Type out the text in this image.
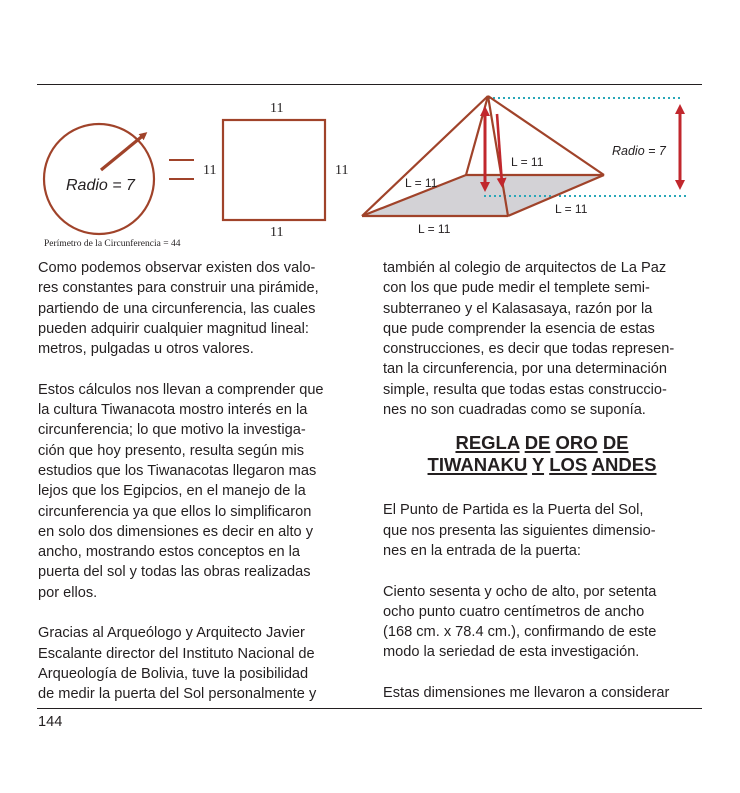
Radio = 7
Perímetro de la Circunferencia = 44
11
11	11
11
Radio = 7
L = 11
L = 11
L = 11
L = 11
Como podemos observar existen dos valo-
res constantes para construir una pirámide,
partiendo de una circunferencia, las cuales
pueden adquirir cualquier magnitud lineal:
metros, pulgadas u otros valores.
Estos cálculos nos llevan a comprender que
la cultura Tiwanacota mostro interés en la
circunferencia; lo que motivo la investiga-
ción que hoy presento, resulta según mis
estudios que los Tiwanacotas llegaron mas
lejos que los Egipcios, en el manejo de la
circunferencia ya que ellos lo simplificaron
en solo dos dimensiones es decir en alto y
ancho, mostrando estos conceptos en la
puerta del sol y todas las obras realizadas
por ellos.
Gracias al Arqueólogo y Arquitecto Javier
Escalante director del Instituto Nacional de
Arqueología de Bolivia, tuve la posibilidad
de medir la puerta del Sol personalmente y
también al colegio de arquitectos de La Paz
con los que pude medir el templete semi-
subterraneo y el Kalasasaya, razón por la
que pude comprender la esencia de estas
construcciones, es decir que todas represen-
tan la circunferencia, por una determinación
simple, resulta que todas estas construccio-
nes no son cuadradas como se suponía.
REGLA DE ORO DE
TIWANAKU Y LOS ANDES
El Punto de Partida es la Puerta del Sol,
que nos presenta las siguientes dimensio-
nes en la entrada de la puerta:
Ciento sesenta y ocho de alto, por setenta
ocho punto cuatro centímetros de ancho
(168 cm. x 78.4 cm.), confirmando de este
modo la seriedad de esta investigación.
Estas dimensiones me llevaron a considerar
144
